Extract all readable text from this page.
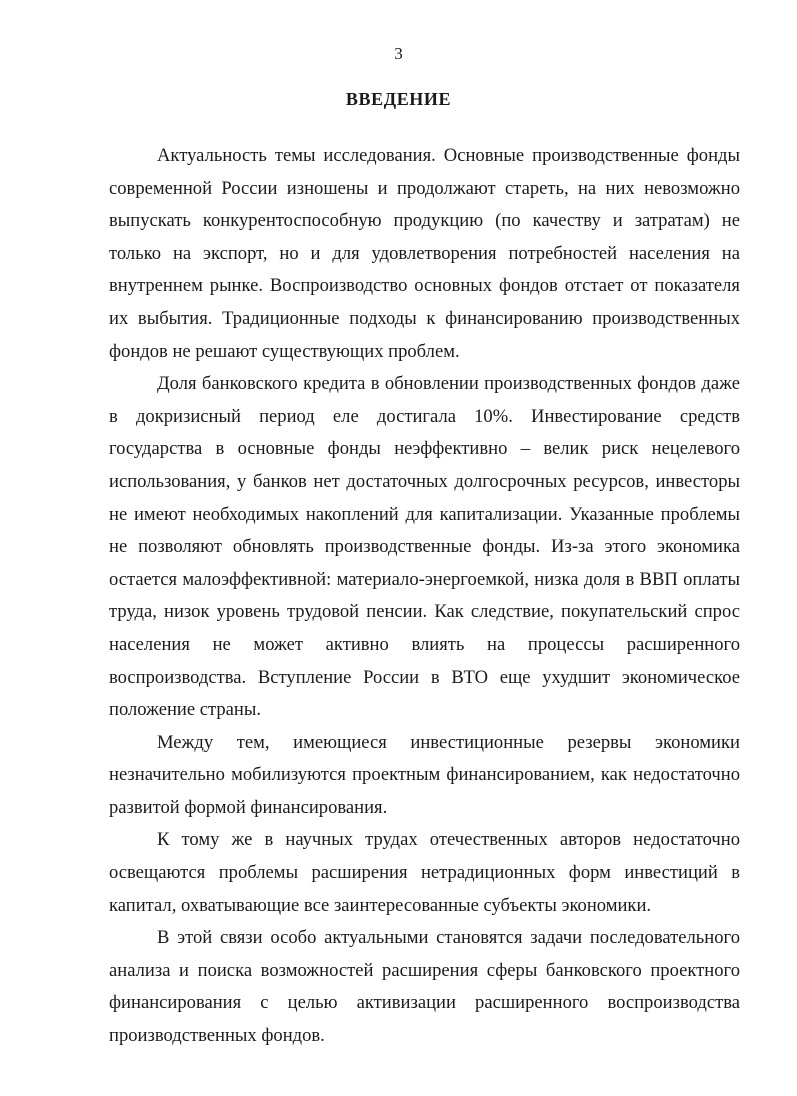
3
ВВЕДЕНИЕ

Актуальность темы исследования. Основные производственные фонды современной России изношены и продолжают стареть, на них невозможно выпускать конкурентоспособную продукцию (по качеству и затратам) не только на экспорт, но и для удовлетворения потребностей населения на внутреннем рынке. Воспроизводство основных фондов отстает от показателя их выбытия. Традиционные подходы к финансированию производственных фондов не решают существующих проблем.

Доля банковского кредита в обновлении производственных фондов даже в докризисный период еле достигала 10%. Инвестирование средств государства в основные фонды неэффективно – велик риск нецелевого использования, у банков нет достаточных долгосрочных ресурсов, инвесторы не имеют необходимых накоплений для капитализации. Указанные проблемы не позволяют обновлять производственные фонды. Из-за этого экономика остается малоэффективной: материало-энергоемкой, низка доля в ВВП оплаты труда, низок уровень трудовой пенсии. Как следствие, покупательский спрос населения не может активно влиять на процессы расширенного воспроизводства. Вступление России в ВТО еще ухудшит экономическое положение страны.

Между тем, имеющиеся инвестиционные резервы экономики незначительно мобилизуются проектным финансированием, как недостаточно развитой формой финансирования.

К тому же в научных трудах отечественных авторов недостаточно освещаются проблемы расширения нетрадиционных форм инвестиций в капитал, охватывающие все заинтересованные субъекты экономики.

В этой связи особо актуальными становятся задачи последовательного анализа и поиска возможностей расширения сферы банковского проектного финансирования с целью активизации расширенного воспроизводства производственных фондов.
